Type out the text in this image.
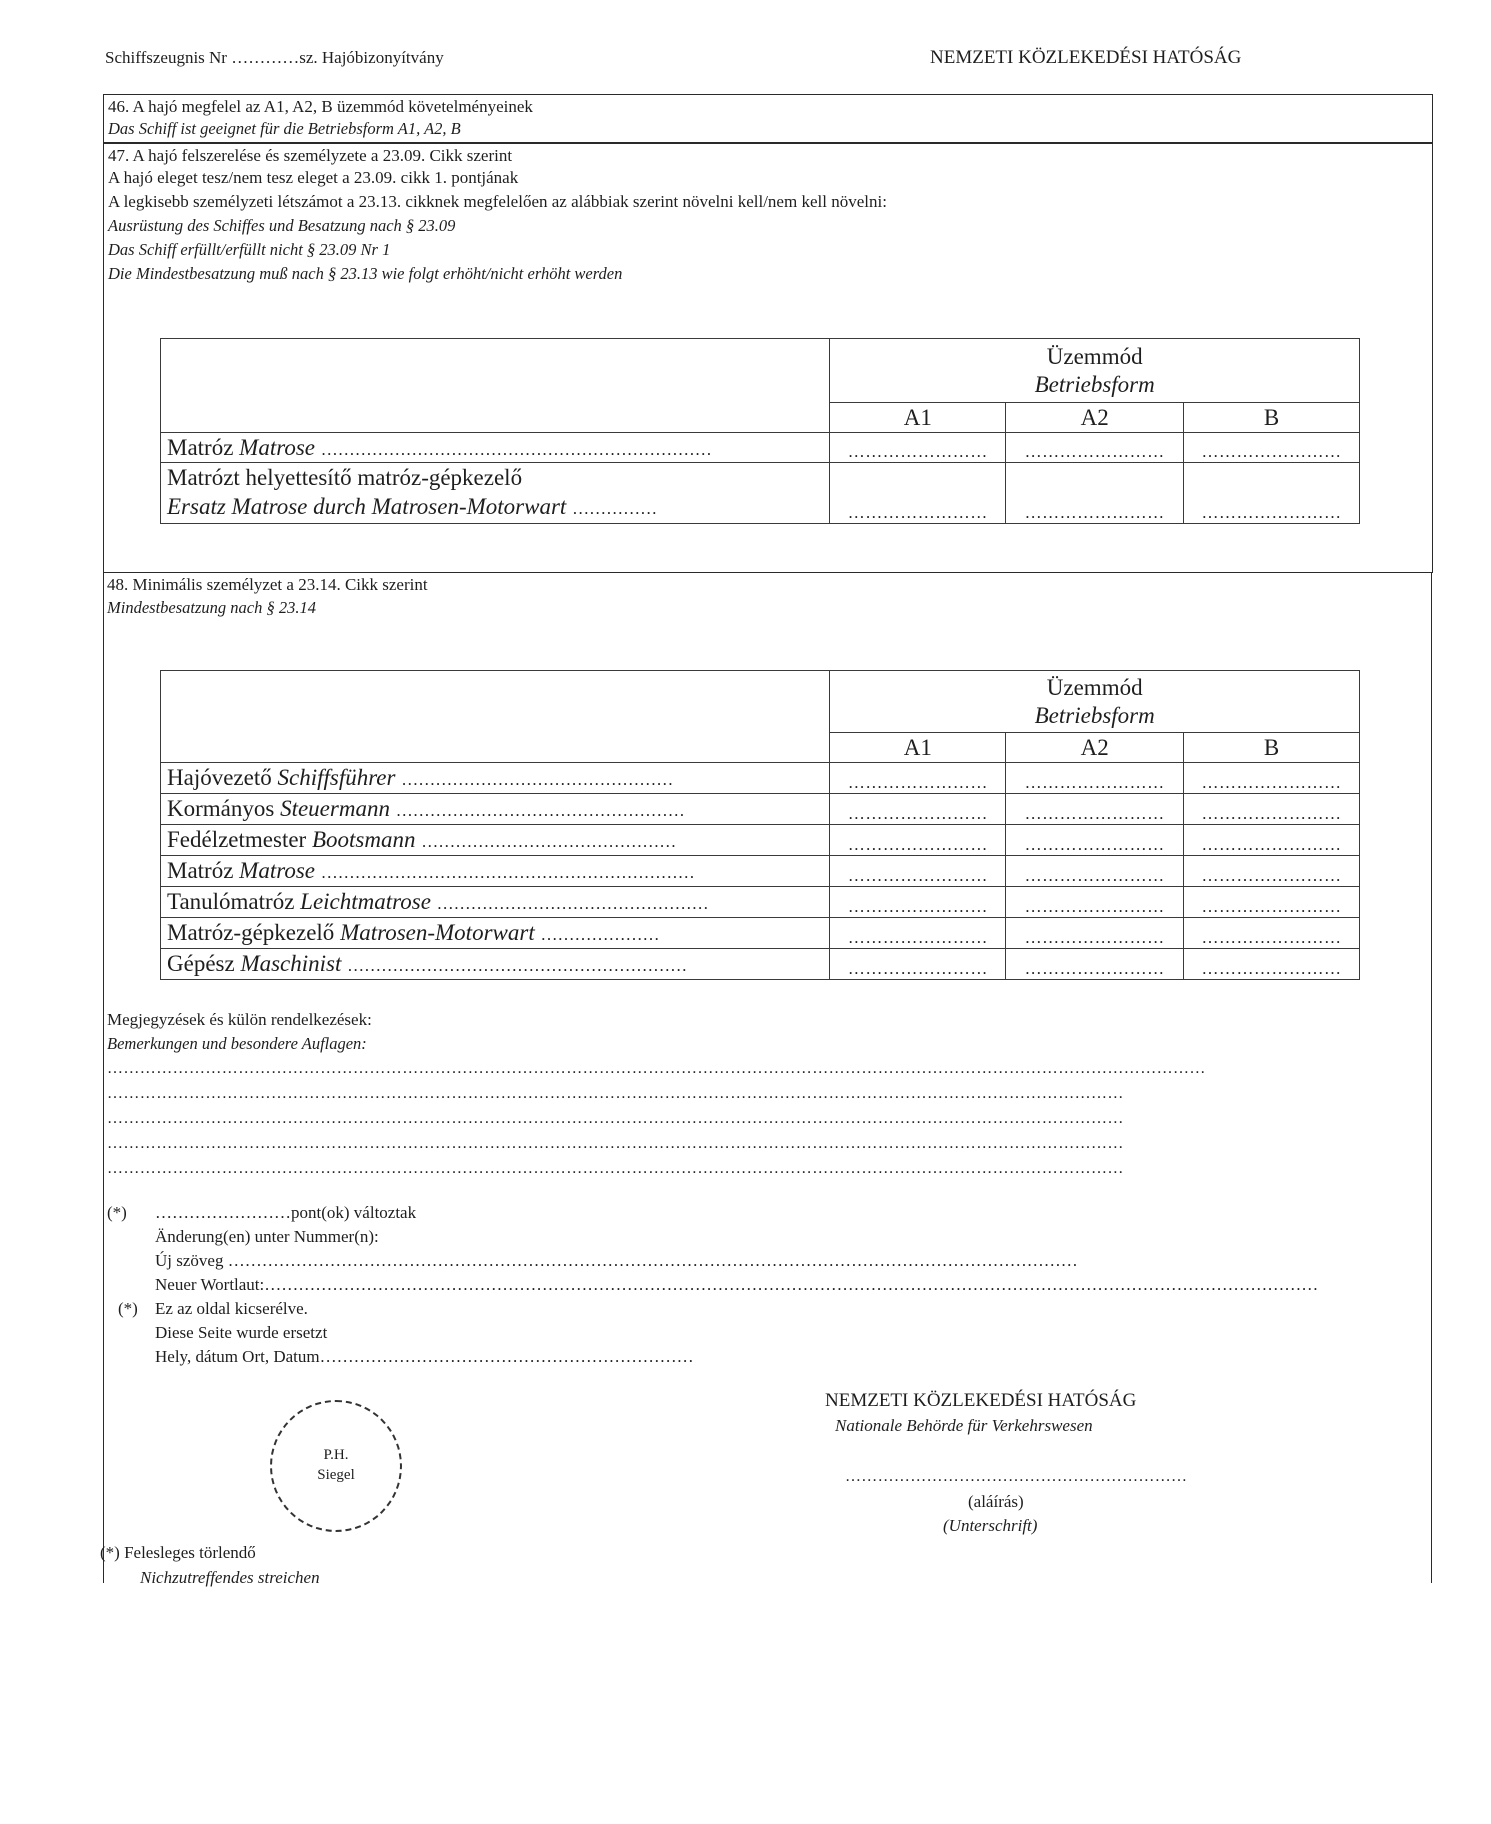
Schiffszeugnis Nr …………sz. Hajóbizonyítvány	NEMZETI KÖZLEKEDÉSI HATÓSÁG
46. A hajó megfelel az A1, A2, B üzemmód követelményeinek
Das Schiff ist geeignet für die Betriebsform A1, A2, B
47. A hajó felszerelése és személyzete a 23.09. Cikk szerint
A hajó eleget tesz/nem tesz eleget a 23.09. cikk 1. pontjának
A legkisebb személyzeti létszámot a 23.13. cikknek megfelelően az alábbiak szerint növelni kell/nem kell növelni:
Ausrüstung des Schiffes und Besatzung nach § 23.09
Das Schiff erfüllt/erfüllt nicht § 23.09 Nr 1
Die Mindestbesatzung muß nach § 23.13 wie folgt erhöht/nicht erhöht werden

	Üzemmód
Betriebsform		

	A1	A2	B
Matróz Matrose ……………………………………………………………	……………………	……………………	……………………

Matrózt helyettesítő matróz-gépkezelő
Ersatz Matrose durch Matrosen-Motorwart ……………	……………………	……………………	……………………
48. Minimális személyzet a 23.14. Cikk szerint
Mindestbesatzung nach § 23.14

	Üzemmód
Betriebsform		

	A1	A2	B
Hajóvezető Schiffsführer …………………………………………	……………………	……………………	……………………
Kormányos Steuermann ……………………………………………	……………………	……………………	……………………
Fedélzetmester Bootsmann ………………………………………	……………………	……………………	……………………
Matróz Matrose …………………………………………………………	……………………	……………………	……………………
Tanulómatróz Leichtmatrose …………………………………………	……………………	……………………	……………………
Matróz-gépkezelő Matrosen-Motorwart …………………	……………………	……………………	……………………
Gépész Maschinist ……………………………………………………	……………………	……………………	……………………
Megjegyzések és külön rendelkezések:
Bemerkungen und besondere Auflagen:
…………………………………………………………………………………………………………………………………………………………………………………
……………………………………………………………………………………………………………………………………………………………………
……………………………………………………………………………………………………………………………………………………………………
……………………………………………………………………………………………………………………………………………………………………
……………………………………………………………………………………………………………………………………………………………………
(*) ……………………pont(ok) változtak
Änderung(en) unter Nummer(n):
Új szöveg ……………………………………………………………………………………………………………………………………
Neuer Wortlaut:……………………………………………………………………………………………………………………………………………………………………
(*) Ez az oldal kicserélve.
Diese Seite wurde ersetzt
Hely, dátum Ort, Datum…………………………………………………………
P.H.
Siegel
NEMZETI KÖZLEKEDÉSI HATÓSÁG
Nationale Behörde für Verkehrswesen
………………………………………………………
(aláírás)
(Unterschrift)
(*) Felesleges törlendő
Nichzutreffendes streichen
